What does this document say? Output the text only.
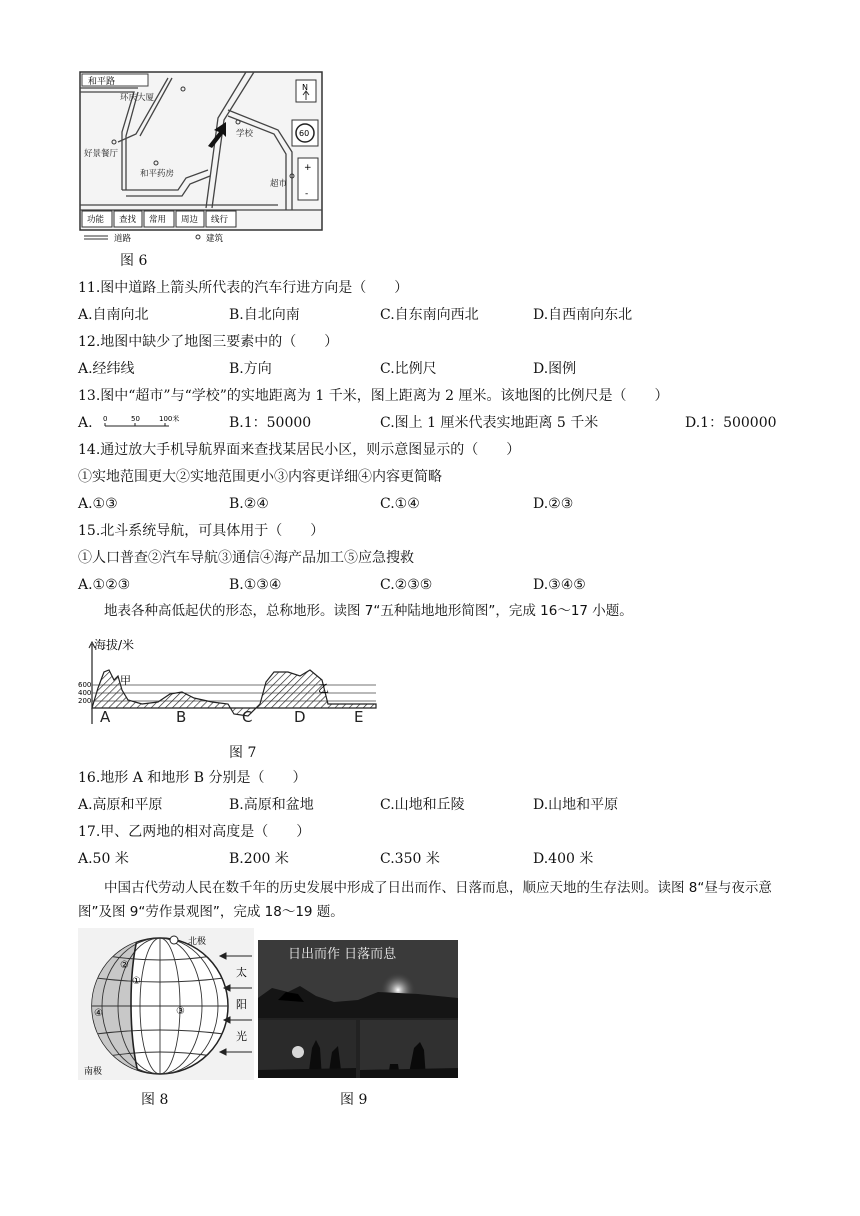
和平路
环庆大厦
学校
好景餐厅
和平药房
超市
N
60
+
-
功能 查找 常用 周边 线行
道路	建筑
图 6
11.图中道路上箭头所代表的汽车行进方向是（　　）
A.自南向北	B.自北向南	C.自东南向西北	D.自西南向东北
12.地图中缺少了地图三要素中的（　　）
A.经纬线	B.方向	C.比例尺	D.图例
13.图中“超市”与“学校”的实地距离为 1 千米，图上距离为 2 厘米。该地图的比例尺是（　　）
A. 0	50	100米	B.1：50000	C.图上 1 厘米代表实地距离 5 千米	D.1：500000
14.通过放大手机导航界面来查找某居民小区，则示意图显示的（　　）
①实地范围更大②实地范围更小③内容更详细④内容更简略
A.①③	B.②④	C.①④	D.②③
15.北斗系统导航，可具体用于（　　）
①人口普查②汽车导航③通信④海产品加工⑤应急搜救
A.①②③	B.①③④	C.②③⑤	D.③④⑤
地表各种高低起伏的形态，总称地形。读图 7“五种陆地地形简图”，完成 16～17 小题。
海拔/米
600
400
200
甲
乙
A	B	C	D	E
图 7
16.地形 A 和地形 B 分别是（　　）
A.高原和平原	B.高原和盆地	C.山地和丘陵	D.山地和平原
17.甲、乙两地的相对高度是（　　）
A.50 米	B.200 米	C.350 米	D.400 米
中国古代劳动人民在数千年的历史发展中形成了日出而作、日落而息，顺应天地的生存法则。读图 8“昼与夜示意图”及图 9“劳作景观图”，完成 18～19 题。
北极
南极
②
①
③
④
太
阳
光
图 8
日出而作 日落而息
图 9
